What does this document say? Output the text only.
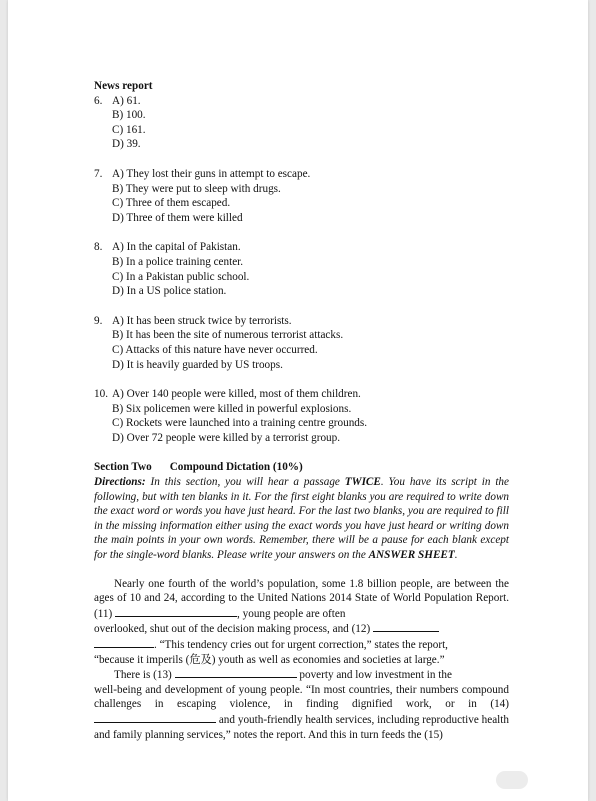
News report
6. A) 61.
B) 100.
C) 161.
D) 39.
7. A) They lost their guns in attempt to escape.
B) They were put to sleep with drugs.
C) Three of them escaped.
D) Three of them were killed
8. A) In the capital of Pakistan.
B) In a police training center.
C) In a Pakistan public school.
D) In a US police station.
9. A) It has been struck twice by terrorists.
B) It has been the site of numerous terrorist attacks.
C) Attacks of this nature have never occurred.
D) It is heavily guarded by US troops.
10. A) Over 140 people were killed, most of them children.
B) Six policemen were killed in powerful explosions.
C) Rockets were launched into a training centre grounds.
D) Over 72 people were killed by a terrorist group.
Section Two Compound Dictation (10%)
Directions: In this section, you will hear a passage TWICE. You have its script in the following, but with ten blanks in it. For the first eight blanks you are required to write down the exact word or words you have just heard. For the last two blanks, you are required to fill in the missing information either using the exact words you have just heard or writing down the main points in your own words. Remember, there will be a pause for each blank except for the single-word blanks. Please write your answers on the ANSWER SHEET.

Nearly one fourth of the world’s population, some 1.8 billion people, are between the ages of 10 and 24, according to the United Nations 2014 State of World Population Report. (11)	, young people are often

overlooked, shut out of the decision making process, and (12)

. “This tendency cries out for urgent correction,” states the report,

“because it imperils (危及) youth as well as economies and societies at large.”

There is (13)	poverty and low investment in the

well-being and development of young people. “In most countries, their numbers compound challenges in escaping violence, in finding dignified work, or in (14)  and youth-friendly health services, including reproductive health and family planning services,” notes the report. And this in turn feeds the (15)
